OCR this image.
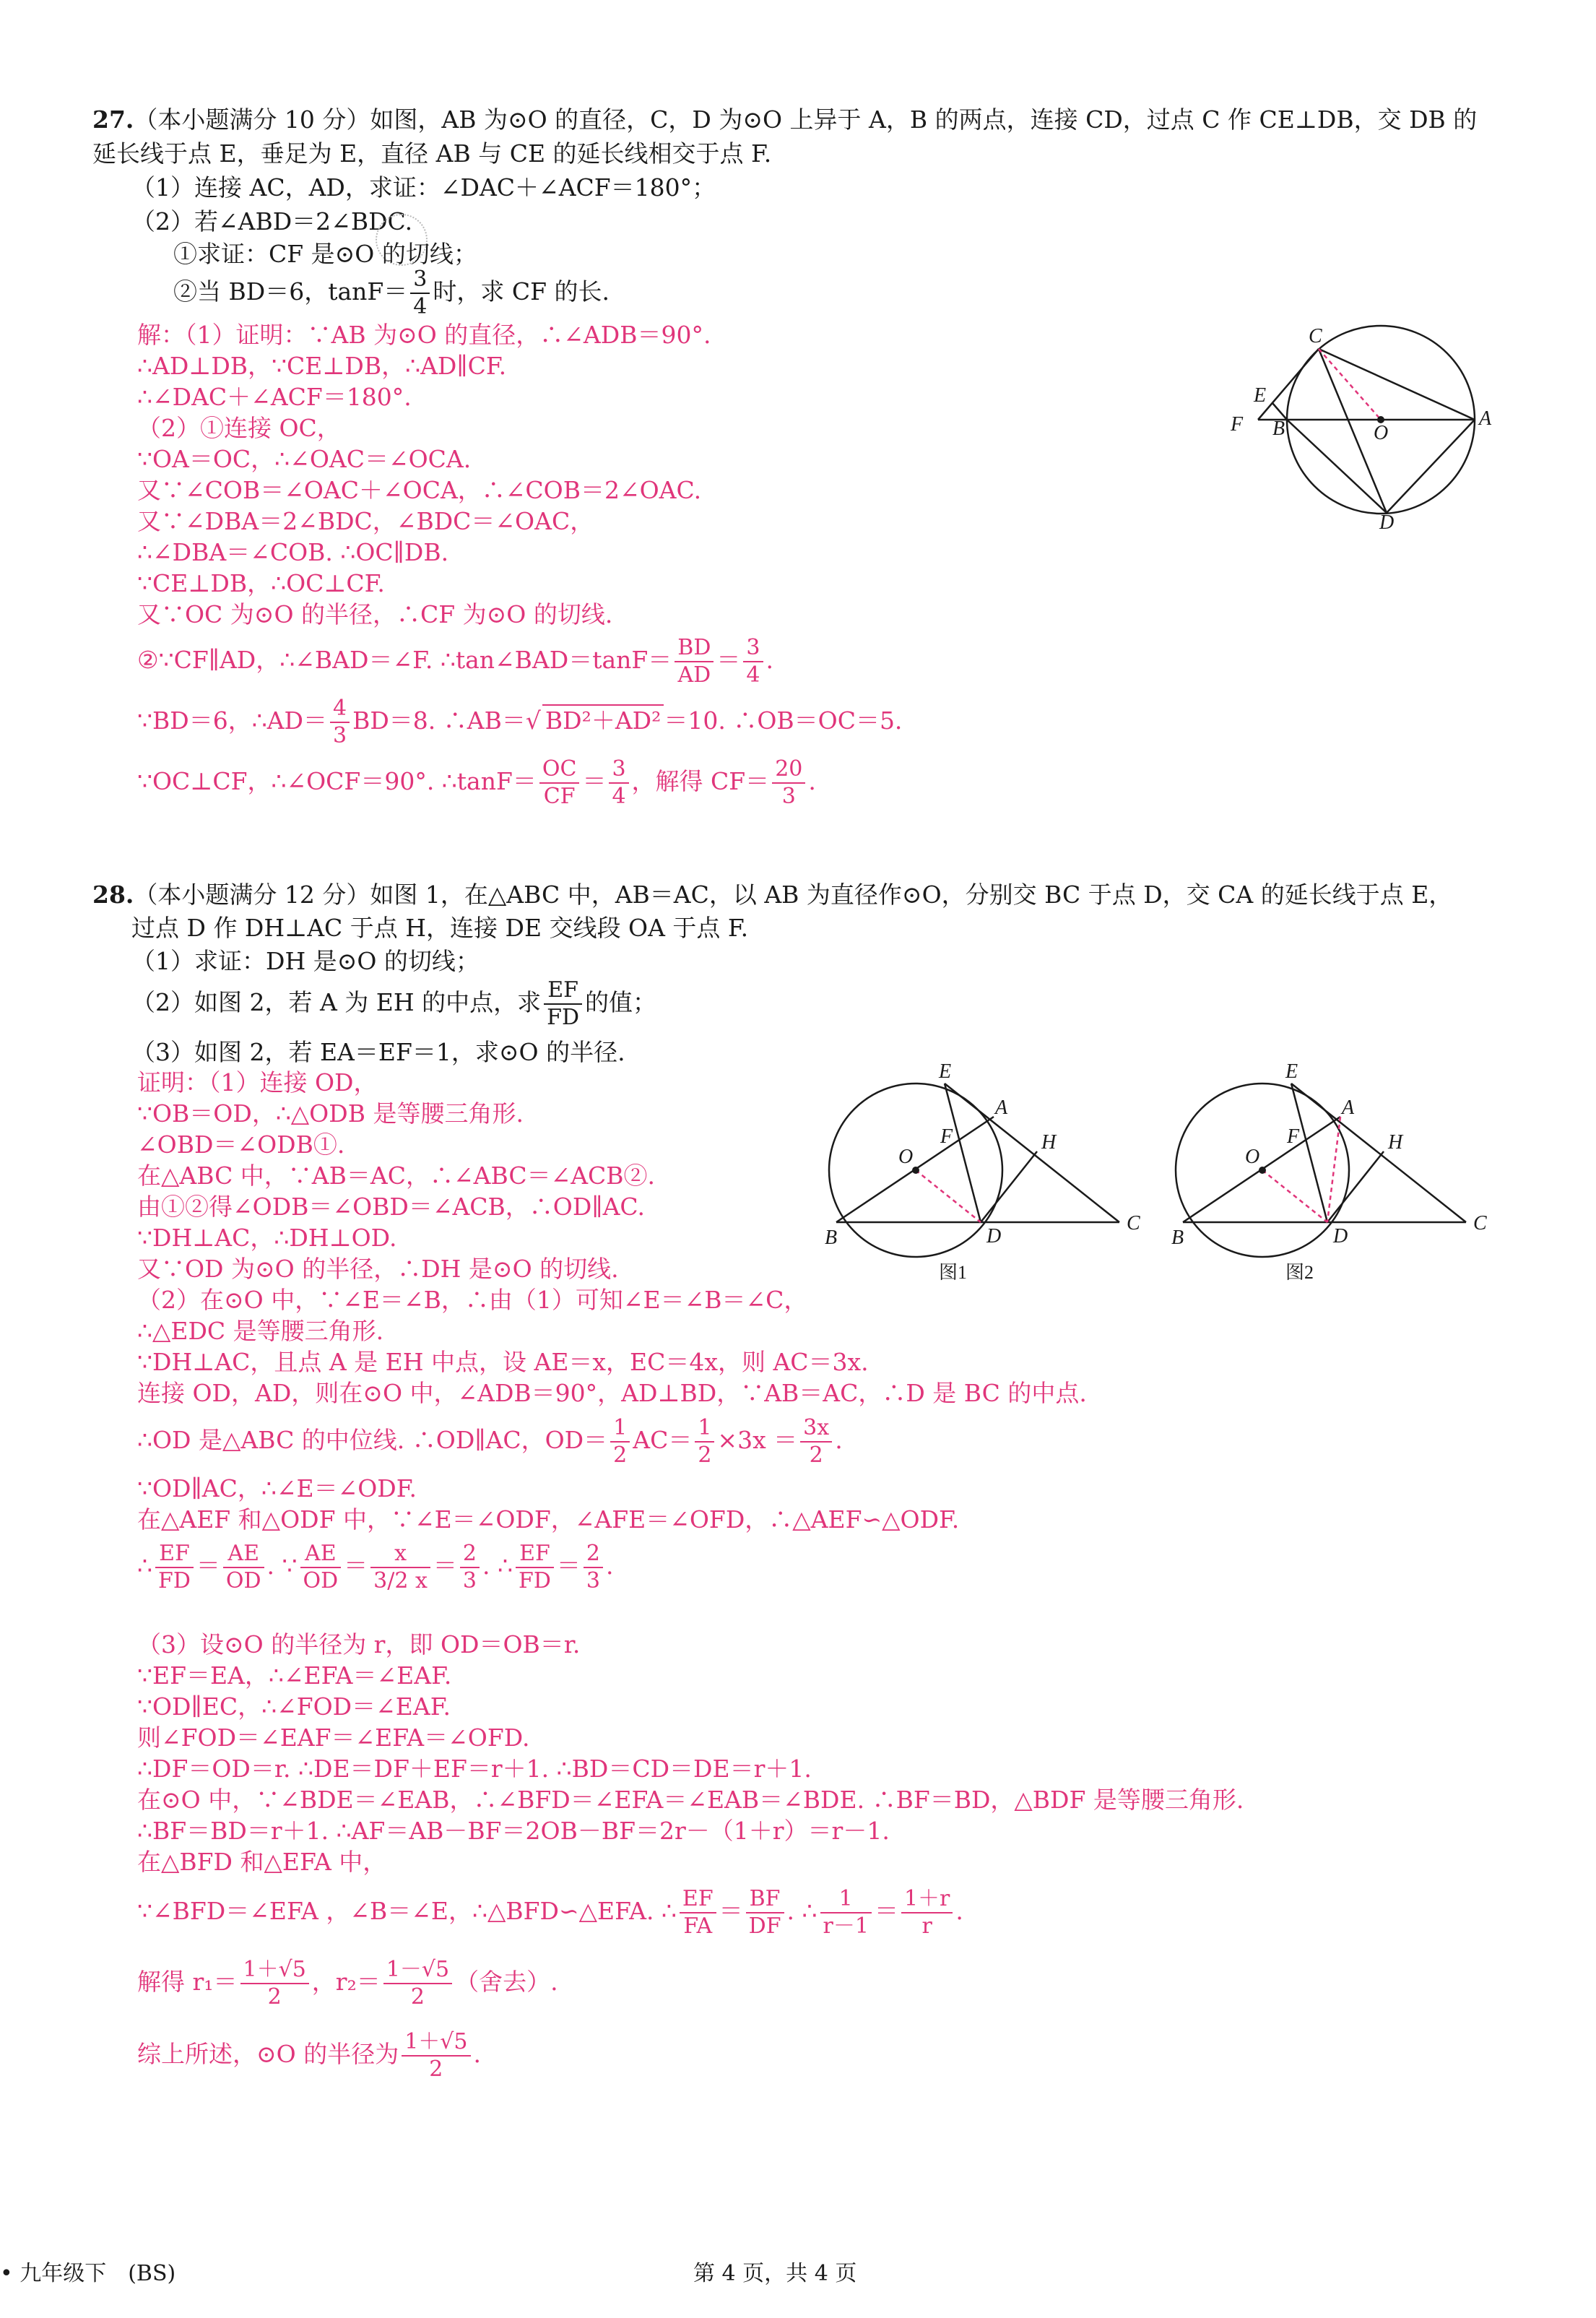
27.（本小题满分 10 分）如图，AB 为⊙O 的直径，C，D 为⊙O 上异于 A，B 的两点，连接 CD，过点 C 作 CE⊥DB，交 DB 的
延长线于点 E，垂足为 E，直径 AB 与 CE 的延长线相交于点 F.
（1）连接 AC，AD，求证：∠DAC＋∠ACF＝180°；
（2）若∠ABD＝2∠BDC.
①求证：CF 是⊙O 的切线；
②当 BD＝6，$\tan F= \frac{3}{4}$ 时，求 CF 的长.
解：（1）证明：∵AB 为⊙O 的直径，∴∠ADB＝90°.
∴AD⊥DB，∵CE⊥DB，∴AD∥CF.
∴∠DAC＋∠ACF＝180°.
（2）①连接 OC，
∵OA＝OC，∴∠OAC＝∠OCA.
又∵∠COB＝∠OAC＋∠OCA，∴∠COB＝2∠OAC.
又∵∠DBA＝2∠BDC，∠BDC＝∠OAC，
∴∠DBA＝∠COB. ∴OC∥DB.
∵CE⊥DB，∴OC⊥CF.
又∵OC 为⊙O 的半径，∴CF 为⊙O 的切线.
②∵CF∥AD，∴∠BAD＝∠F. ∴tan∠BAD＝tanF＝ $\frac{BD}{AD} = \frac{3}{4}$ .
∵BD＝6，∴AD＝ $\frac{4}{3} BD=8$. ∴AB＝√ BD²＋AD² ＝10. ∴OB＝OC＝5.
∵OC⊥CF，∴∠OCF＝90°. ∴tanF＝ $\frac{OC}{CF} = \frac{3}{4}$ ，解得 $CF= \frac{20}{3}$ .
C
E
F B	O
A
D
28.（本小题满分 12 分）如图 1，在△ABC 中，AB＝AC，以 AB 为直径作⊙O，分别交 BC 于点 D，交 CA 的延长线于点 E，
过点 D 作 DH⊥AC 于点 H，连接 DE 交线段 OA 于点 F.
（1）求证：DH 是⊙O 的切线；
（2）如图 2，若 A 为 EH 的中点，求 $\frac{EF}{FD}$ 的值；
（3）如图 2，若 EA＝EF＝1，求⊙O 的半径.
证明：（1）连接 OD，
∵OB＝OD，∴△ODB 是等腰三角形.
∠OBD＝∠ODB①.
在△ABC 中，∵AB＝AC，∴∠ABC＝∠ACB②.
由①②得∠ODB＝∠OBD＝∠ACB，∴OD∥AC.
∵DH⊥AC，∴DH⊥OD.
又∵OD 为⊙O 的半径，∴DH 是⊙O 的切线.
（2）在⊙O 中，∵∠E＝∠B，∴由（1）可知∠E＝∠B＝∠C，
∴△EDC 是等腰三角形.
∵DH⊥AC，且点 A 是 EH 中点，设 AE＝x，EC＝4x，则 AC＝3x.
连接 OD，AD，则在⊙O 中，∠ADB＝90°，AD⊥BD，∵AB＝AC，∴D 是 BC 的中点.
∴OD 是△ABC 的中位线. ∴OD∥AC，$OD= \frac{1}{2} AC= \frac{1}{2} \times 3x = \frac{3x}{2}$ .
∵OD∥AC，∴∠E＝∠ODF.
在△AEF 和△ODF 中，∵∠E＝∠ODF，∠AFE＝∠OFD，∴△AEF∽△ODF.
∴ $\frac{EF}{FD} = \frac{AE}{OD}$ . ∵ $\frac{AE}{OD} = \frac{x}{3/2 x} = \frac{2}{3}$ . ∴ $\frac{EF}{FD} = \frac{2}{3}$ .
（3）设⊙O 的半径为 r，即 OD＝OB＝r.
∵EF＝EA，∴∠EFA＝∠EAF.
∵OD∥EC，∴∠FOD＝∠EAF.
则∠FOD＝∠EAF＝∠EFA＝∠OFD.
∴DF＝OD＝r. ∴DE＝DF＋EF＝r＋1. ∴BD＝CD＝DE＝r＋1.
在⊙O 中，∵∠BDE＝∠EAB，∴∠BFD＝∠EFA＝∠EAB＝∠BDE. ∴BF＝BD，△BDF 是等腰三角形.
∴BF＝BD＝r＋1. ∴AF＝AB－BF＝2OB－BF＝2r－（1＋r）＝r－1.
在△BFD 和△EFA 中，
∵∠BFD＝∠EFA ，∠B＝∠E，∴△BFD∽△EFA. ∴ $\frac{EF}{FA} = \frac{BF}{DF}$ . ∴ $\frac{1}{r-1} = \frac{1+r}{r}$ .
解得 $r_1= \frac{1+√5}{2}$ ，$r_2= \frac{1-√5}{2}$ （舍去）.
综上所述，⊙O 的半径为 $\frac{1+√5}{2}$ .
E
A
H
O
F
B	D
C
图1
E
A
H
O
F
B	D
C
图2
• 九年级下　(BS)	第 4 页，共 4 页
